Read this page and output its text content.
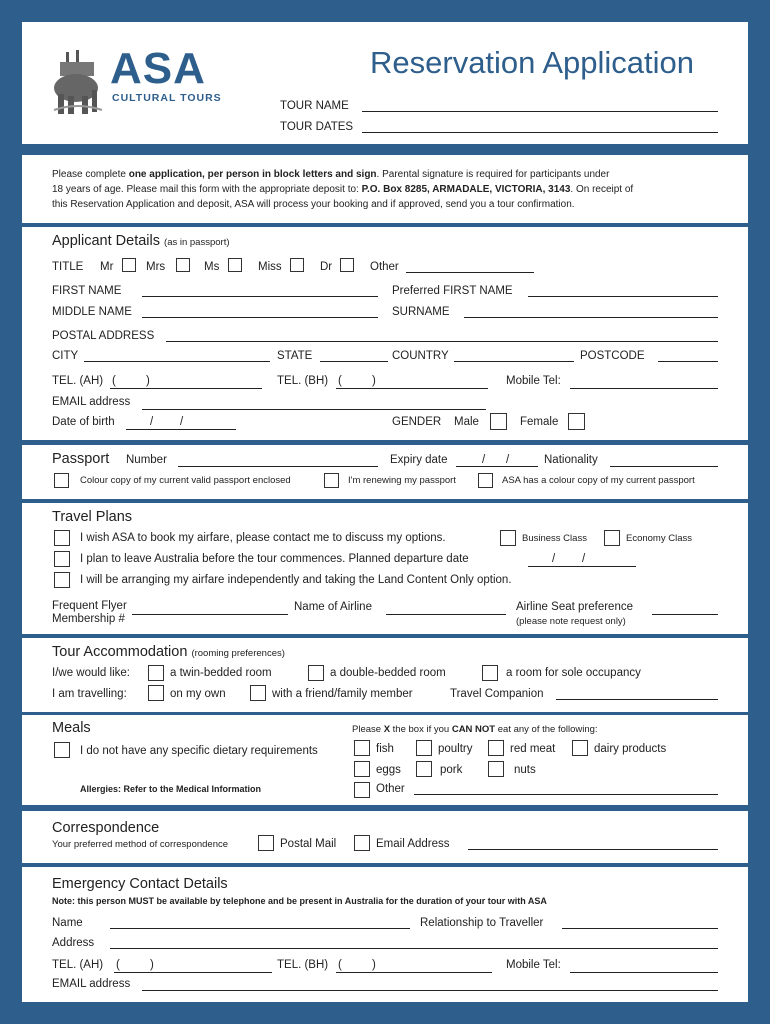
ASA
CULTURAL TOURS
Reservation Application
TOUR NAME
TOUR DATES
Please complete one application, per person in block letters and sign. Parental signature is required for participants under
18 years of age. Please mail this form with the appropriate deposit to: P.O. Box 8285, ARMADALE, VICTORIA, 3143. On receipt of
this Reservation Application and deposit, ASA will process your booking and if approved, send you a tour confirmation.
Applicant Details (as in passport)
TITLE Mr	Mrs	Ms	Miss	Dr	Other
FIRST NAME	Preferred FIRST NAME
MIDDLE NAME	SURNAME
POSTAL ADDRESS
CITY	STATE	COUNTRY	POSTCODE
TEL. (AH) (	)	TEL. (BH) (	)	Mobile Tel:
EMAIL address
Date of birth	/ /	GENDER Male	Female
Passport Number	Expiry date	/ /	Nationality
Colour copy of my current valid passport enclosed	I'm renewing my passport	ASA has a colour copy of my current passport
Travel Plans
I wish ASA to book my airfare, please contact me to discuss my options.	Business Class	Economy Class
I plan to leave Australia before the tour commences. Planned departure date	/ /
I will be arranging my airfare independently and taking the Land Content Only option.
Frequent Flyer
Membership #
Name of Airline	Airline Seat preference
(please note request only)
Tour Accommodation (rooming preferences)
I/we would like:	a twin-bedded room	a double-bedded room	a room for sole occupancy
I am travelling:	on my own	with a friend/family member	Travel Companion
Meals
I do not have any specific dietary requirements
Please X the box if you CAN NOT eat any of the following:
fish	poultry	red meat	dairy products
eggs	pork	nuts
Other
Allergies: Refer to the Medical Information
Correspondence
Your preferred method of correspondence	Postal Mail	Email Address
Emergency Contact Details
Note: this person MUST be available by telephone and be present in Australia for the duration of your tour with ASA
Name	Relationship to Traveller
Address
TEL. (AH) (	)	TEL. (BH) (	)	Mobile Tel:
EMAIL address
